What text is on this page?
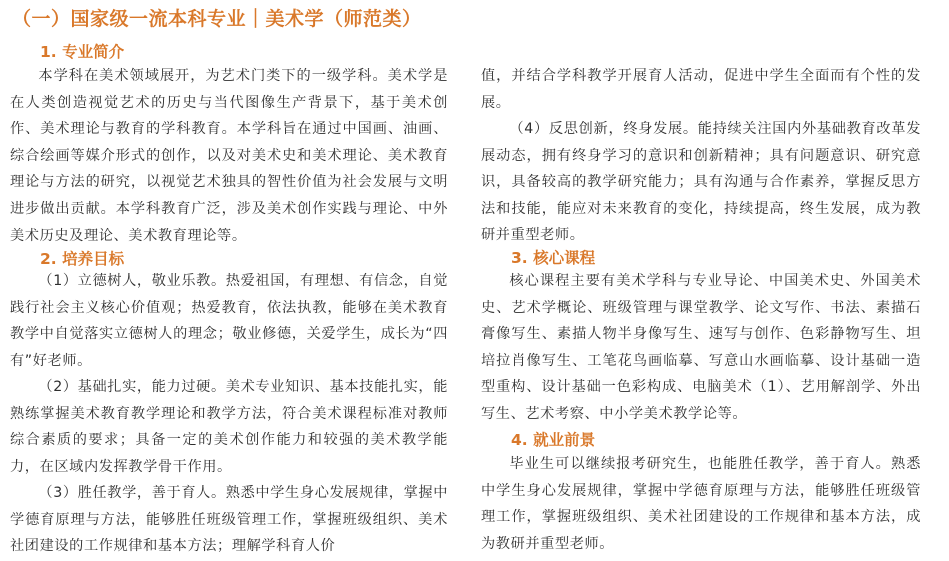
（一）国家级一流本科专业｜美术学（师范类）
1. 专业简介
本学科在美术领域展开，为艺术门类下的一级学科。美术学是在人类创造视觉艺术的历史与当代图像生产背景下，基于美术创作、美术理论与教育的学科教育。本学科旨在通过中国画、油画、综合绘画等媒介形式的创作，以及对美术史和美术理论、美术教育理论与方法的研究，以视觉艺术独具的智性价值为社会发展与文明进步做出贡献。本学科教育广泛，涉及美术创作实践与理论、中外美术历史及理论、美术教育理论等。
2. 培养目标
（1）立德树人，敬业乐教。热爱祖国，有理想、有信念，自觉践行社会主义核心价值观；热爱教育，依法执教，能够在美术教育教学中自觉落实立德树人的理念；敬业修德，关爱学生，成长为“四有”好老师。
（2）基础扎实，能力过硬。美术专业知识、基本技能扎实，能熟练掌握美术教育教学理论和教学方法，符合美术课程标准对教师综合素质的要求；具备一定的美术创作能力和较强的美术教学能力，在区域内发挥教学骨干作用。
（3）胜任教学，善于育人。熟悉中学生身心发展规律，掌握中学德育原理与方法，能够胜任班级管理工作，掌握班级组织、美术社团建设的工作规律和基本方法；理解学科育人价
值，并结合学科教学开展育人活动，促进中学生全面而有个性的发展。
（4）反思创新，终身发展。能持续关注国内外基础教育改革发展动态，拥有终身学习的意识和创新精神；具有问题意识、研究意识，具备较高的教学研究能力；具有沟通与合作素养，掌握反思方法和技能，能应对未来教育的变化，持续提高，终生发展，成为教研并重型老师。
3. 核心课程
核心课程主要有美术学科与专业导论、中国美术史、外国美术史、艺术学概论、班级管理与课堂教学、论文写作、书法、素描石膏像写生、素描人物半身像写生、速写与创作、色彩静物写生、坦培拉肖像写生、工笔花鸟画临摹、写意山水画临摹、设计基础一造型重构、设计基础一色彩构成、电脑美术（1）、艺用解剖学、外出写生、艺术考察、中小学美术教学论等。
4. 就业前景
毕业生可以继续报考研究生，也能胜任教学，善于育人。熟悉中学生身心发展规律，掌握中学德育原理与方法，能够胜任班级管理工作，掌握班级组织、美术社团建设的工作规律和基本方法，成为教研并重型老师。
